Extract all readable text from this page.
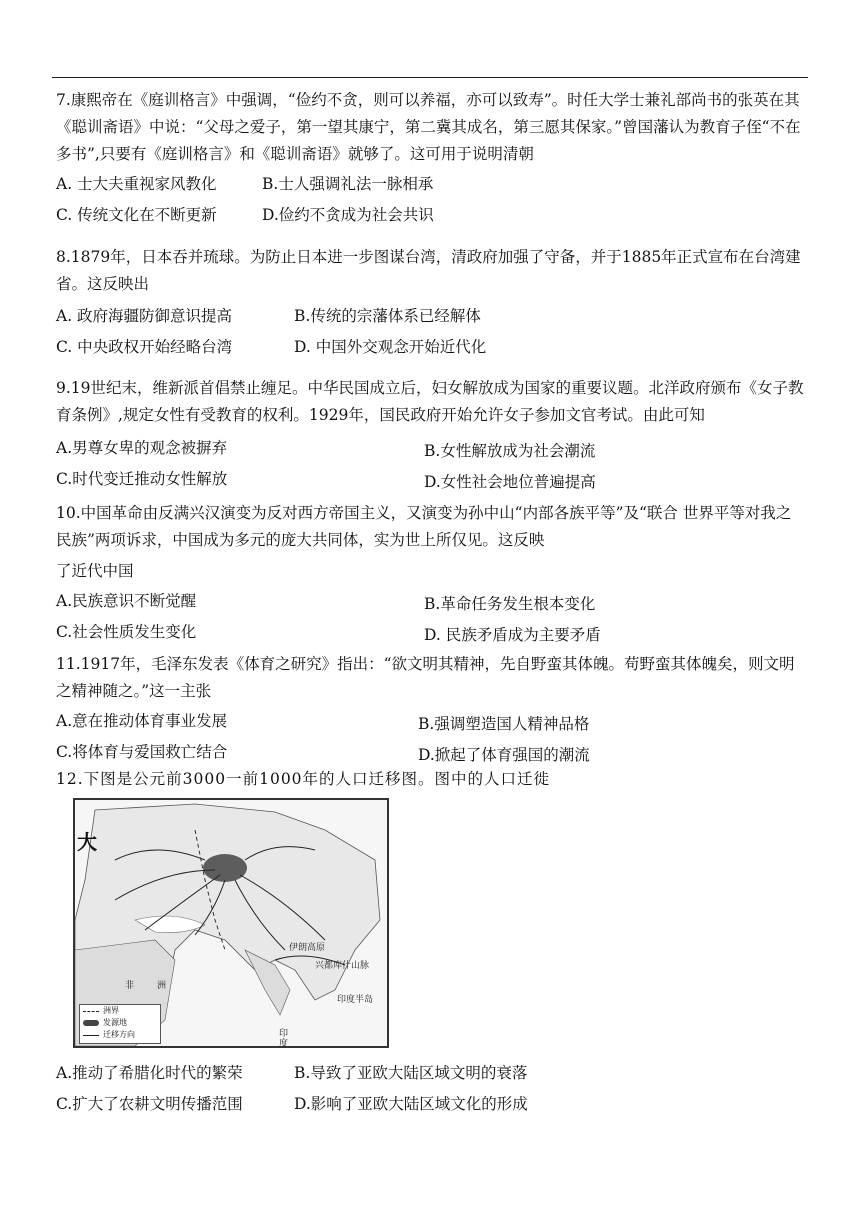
7.康熙帝在《庭训格言》中强调，“俭约不贪，则可以养福，亦可以致寿”。时任大学士兼礼部尚书的张英在其《聪训斋语》中说：“父母之爱子，第一望其康宁，第二冀其成名，第三愿其保家。”曾国藩认为教育子侄“不在多书”,只要有《庭训格言》和《聪训斋语》就够了。这可用于说明清朝
A. 士大夫重视家风教化	B.士人强调礼法一脉相承
C. 传统文化在不断更新	D.俭约不贪成为社会共识
8.1879年，日本吞并琉球。为防止日本进一步图谋台湾，清政府加强了守备，并于1885年正式宣布在台湾建省。这反映出
A. 政府海疆防御意识提高	B.传统的宗藩体系已经解体
C. 中央政权开始经略台湾	D. 中国外交观念开始近代化
9.19世纪末，维新派首倡禁止缠足。中华民国成立后，妇女解放成为国家的重要议题。北洋政府颁布《女子教育条例》,规定女性有受教育的权利。1929年，国民政府开始允许女子参加文官考试。由此可知
A.男尊女卑的观念被摒弃	B.女性解放成为社会潮流
C.时代变迁推动女性解放	D.女性社会地位普遍提高
10.中国革命由反满兴汉演变为反对西方帝国主义，又演变为孙中山“内部各族平等”及“联合 世界平等对我之民族”两项诉求，中国成为多元的庞大共同体，实为世上所仅见。这反映
了近代中国
A.民族意识不断觉醒	B.革命任务发生根本变化
C.社会性质发生变化	D. 民族矛盾成为主要矛盾
11.1917年，毛泽东发表《体育之研究》指出：“欲文明其精神，先自野蛮其体魄。苟野蛮其体魄矣，则文明之精神随之。”这一主张
A.意在推动体育事业发展	B.强调塑造国人精神品格
C.将体育与爱国救亡结合	D.掀起了体育强国的潮流
12.下图是公元前3000一前1000年的人口迁移图。图中的人口迁徙
大
非	洲
伊朗高原
兴都库什山脉
印度半岛
印
度
洲界
发源地
迁移方向
A.推动了希腊化时代的繁荣	B.导致了亚欧大陆区域文明的衰落
C.扩大了农耕文明传播范围	D.影响了亚欧大陆区域文化的形成
